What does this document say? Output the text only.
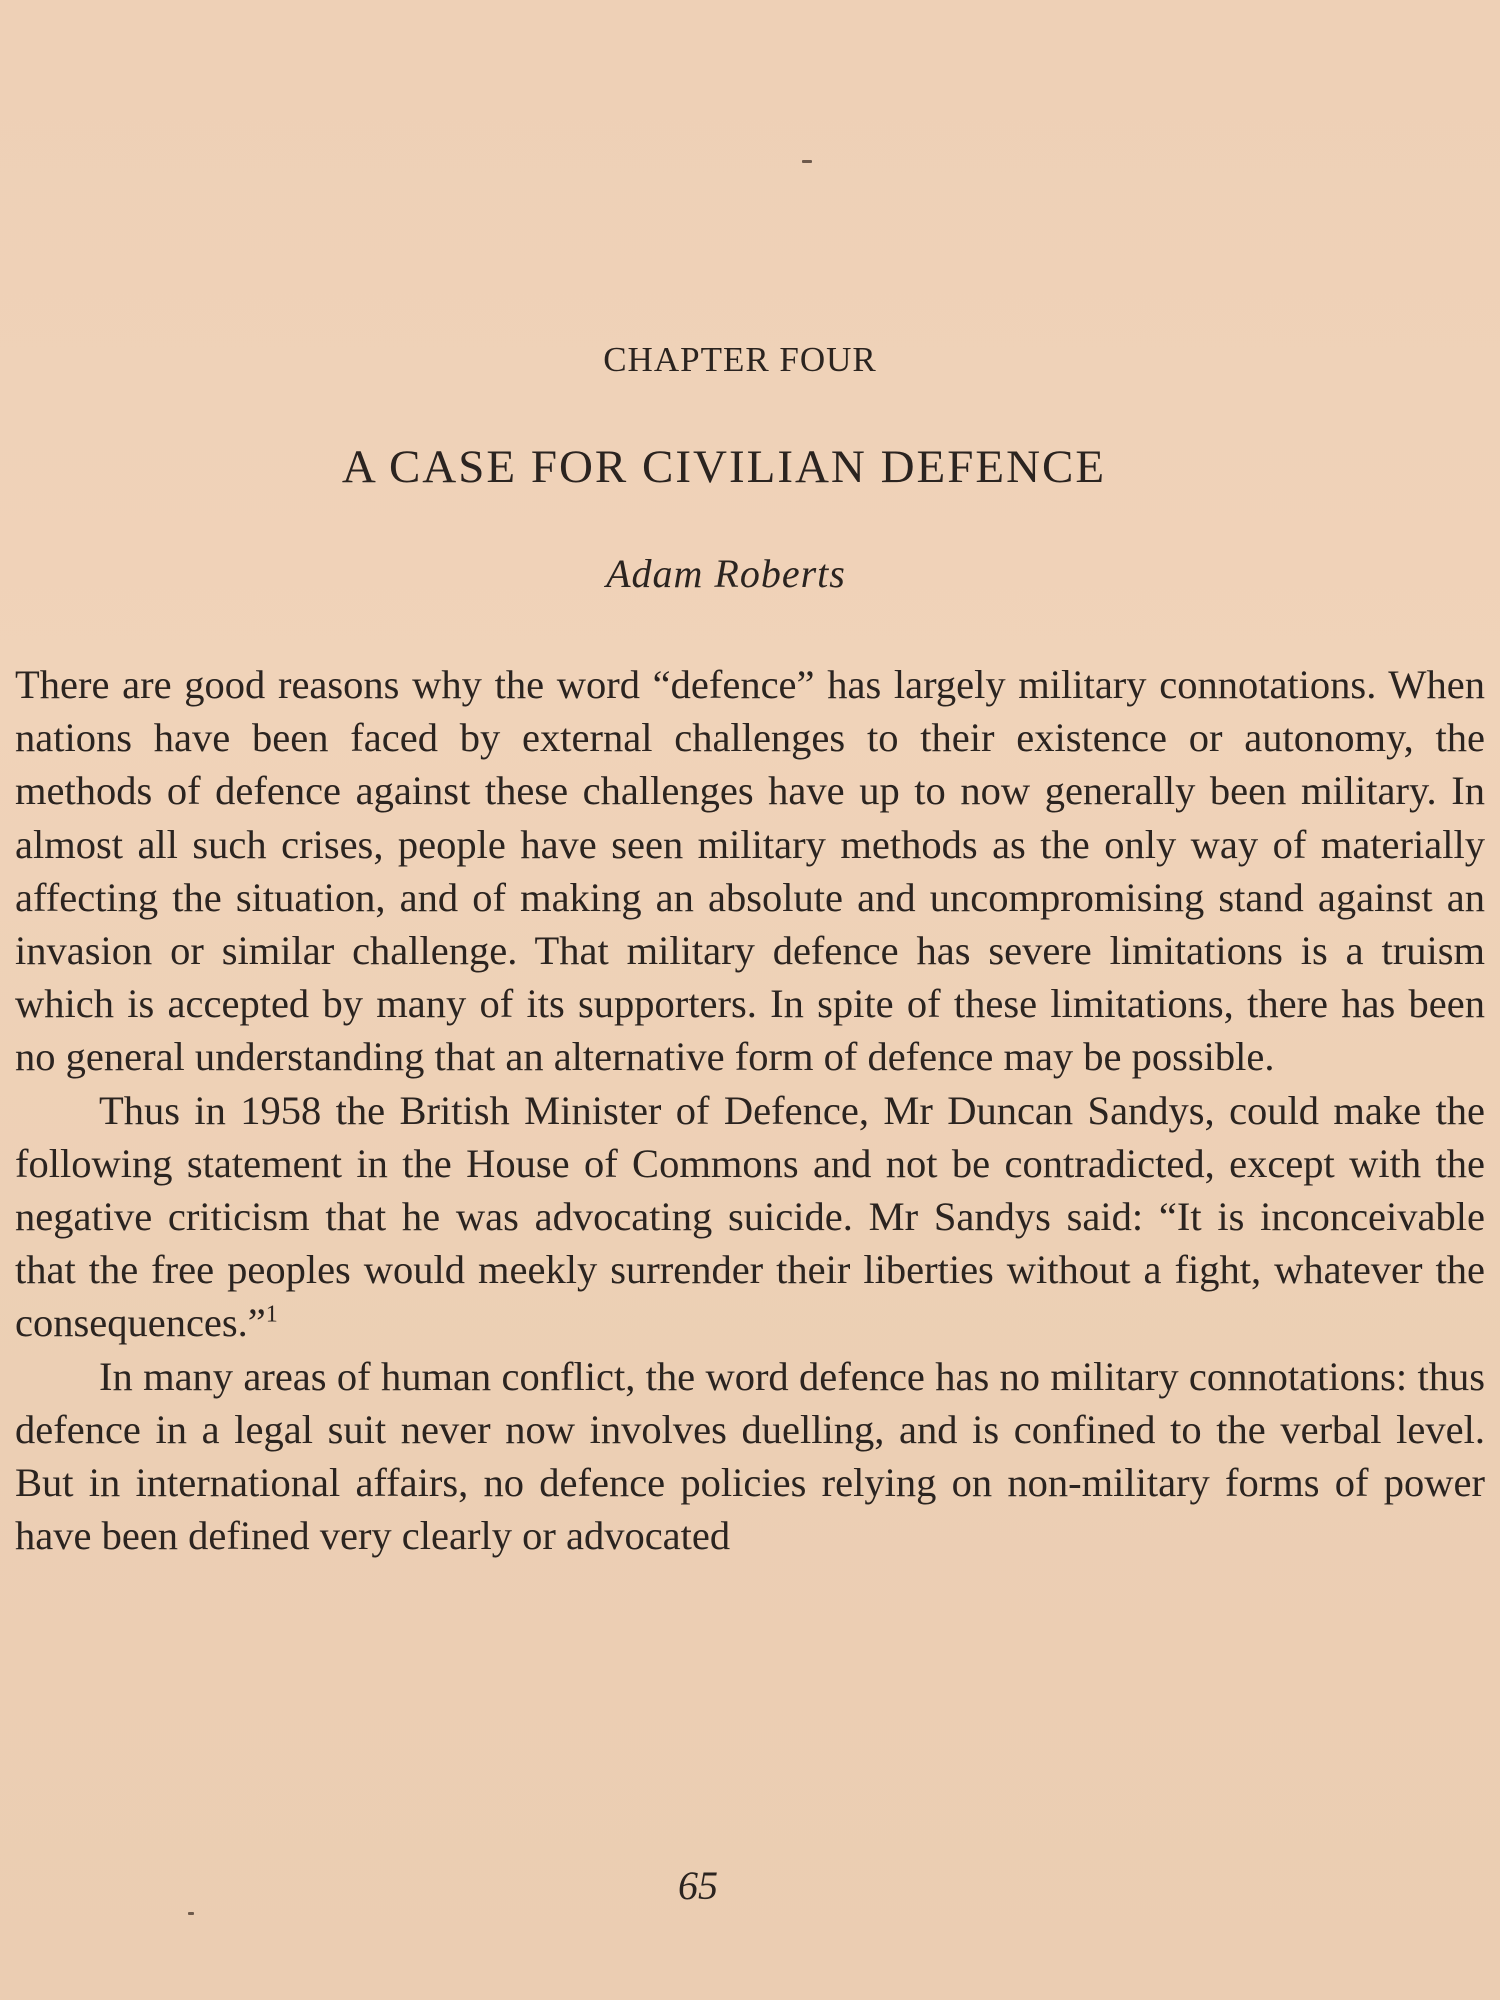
CHAPTER FOUR
A CASE FOR CIVILIAN DEFENCE

Adam Roberts

There are good reasons why the word “defence” has largely military connotations. When nations have been faced by external challenges to their existence or autonomy, the methods of defence against these challenges have up to now generally been military. In almost all such crises, people have seen military methods as the only way of materially affecting the situation, and of making an absolute and uncompromising stand against an invasion or similar challenge. That military defence has severe limitations is a truism which is accepted by many of its supporters. In spite of these limitations, there has been no general understanding that an alternative form of defence may be possible.

Thus in 1958 the British Minister of Defence, Mr Duncan Sandys, could make the following statement in the House of Commons and not be contradicted, except with the negative criticism that he was advocating suicide. Mr Sandys said: “It is inconceivable that the free peoples would meekly surrender their liberties without a fight, whatever the consequences.”$^1$

In many areas of human conflict, the word defence has no military connotations: thus defence in a legal suit never now involves duelling, and is confined to the verbal level. But in international affairs, no defence policies relying on non-military forms of power have been defined very clearly or advocated

65
